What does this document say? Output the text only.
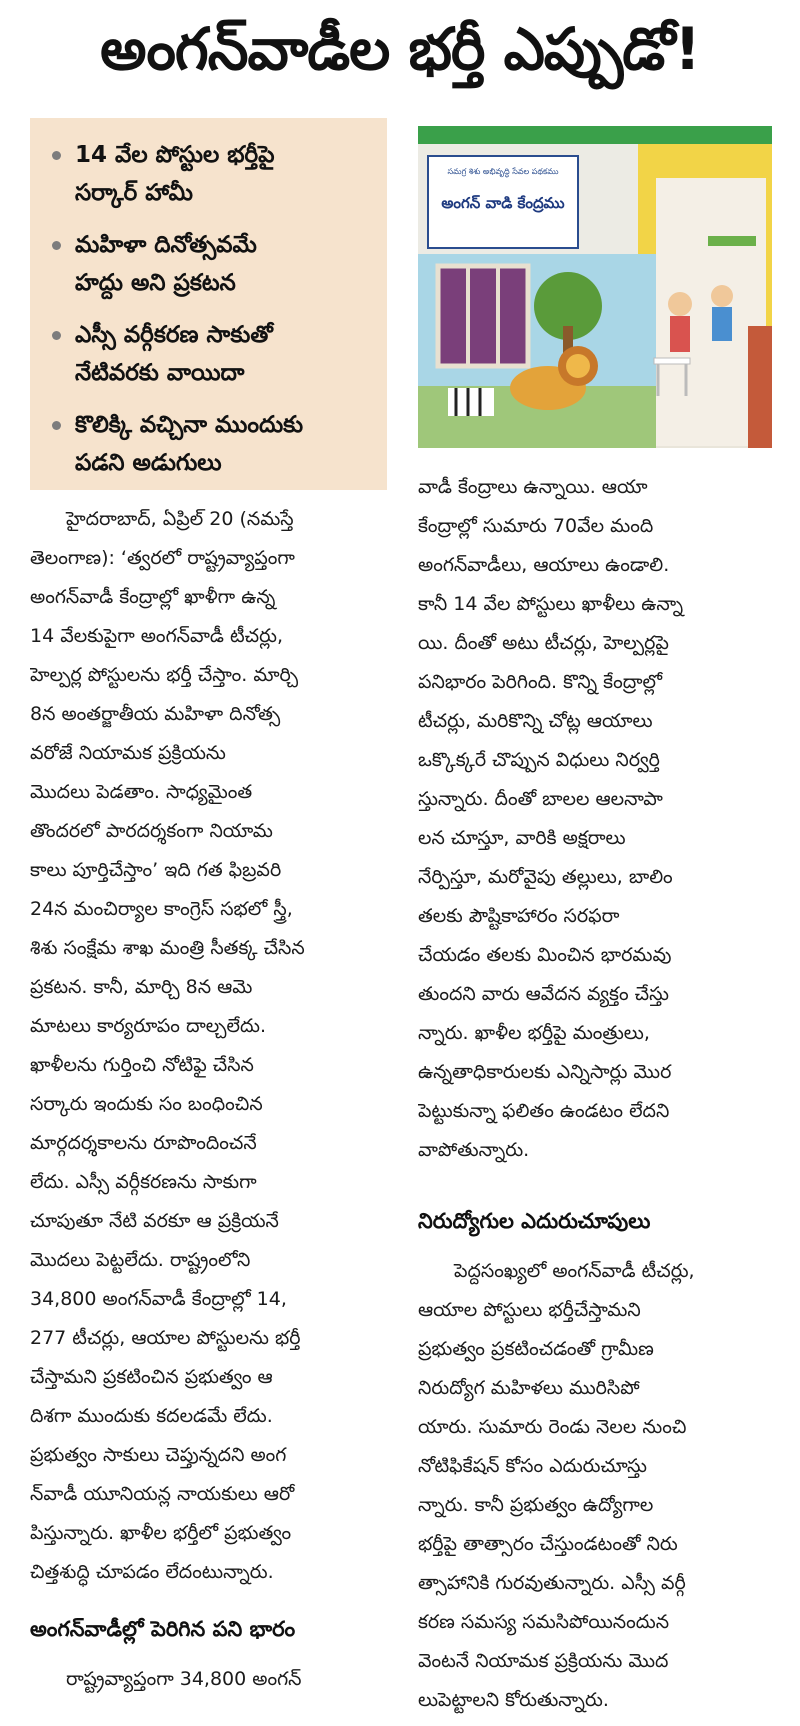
అంగన్‌వాడీల భర్తీ ఎప్పుడో!
14 వేల పోస్టుల భర్తీపై
సర్కార్ హామీ
మహిళా దినోత్సవమే
హద్దు అని ప్రకటన
ఎస్సీ వర్గీకరణ సాకుతో
నేటివరకు వాయిదా
కొలిక్కి వచ్చినా ముందుకు
పడని అడుగులు
సమగ్ర శిశు అభివృద్ధి సేవల పథకము
అంగన్ వాడి కేంద్రము
హైదరాబాద్, ఏప్రిల్ 20 (నమస్తే
తెలంగాణ): ‘త్వరలో రాష్ట్రవ్యాప్తంగా
అంగన్‌వాడీ కేంద్రాల్లో ఖాళీగా ఉన్న
14 వేలకుపైగా అంగన్‌వాడీ టీచర్లు,
హెల్పర్ల పోస్టులను భర్తీ చేస్తాం. మార్చి
8న అంతర్జాతీయ మహిళా దినోత్స
వరోజే నియామక ప్రక్రియను
మొదలు పెడతాం. సాధ్యమైంత
తొందరలో పారదర్శకంగా నియామ
కాలు పూర్తిచేస్తాం’ ఇది గత ఫిబ్రవరి
24న మంచిర్యాల కాంగ్రెస్ సభలో స్త్రీ,
శిశు సంక్షేమ శాఖ మంత్రి సీతక్క చేసిన
ప్రకటన. కానీ, మార్చి 8న ఆమె
మాటలు కార్యరూపం దాల్చలేదు.
ఖాళీలను గుర్తించి నోటిఫై చేసిన
సర్కారు ఇందుకు సం బంధించిన
మార్గదర్శకాలను రూపొందించనే
లేదు. ఎస్సీ వర్గీకరణను సాకుగా
చూపుతూ నేటి వరకూ ఆ ప్రక్రియనే
మొదలు పెట్టలేదు. రాష్ట్రంలోని
34,800 అంగన్‌వాడీ కేంద్రాల్లో 14,
277 టీచర్లు, ఆయాల పోస్టులను భర్తీ
చేస్తామని ప్రకటించిన ప్రభుత్వం ఆ
దిశగా ముందుకు కదలడమే లేదు.
ప్రభుత్వం సాకులు చెప్తున్నదని అంగ
న్‌వాడీ యూనియన్ల నాయకులు ఆరో
పిస్తున్నారు. ఖాళీల భర్తీలో ప్రభుత్వం
చిత్తశుద్ధి చూపడం లేదంటున్నారు.
అంగన్‌వాడీల్లో పెరిగిన పని భారం
రాష్ట్రవ్యాప్తంగా 34,800 అంగన్
వాడీ కేంద్రాలు ఉన్నాయి. ఆయా
కేంద్రాల్లో సుమారు 70వేల మంది
అంగన్‌వాడీలు, ఆయాలు ఉండాలి.
కానీ 14 వేల పోస్టులు ఖాళీలు ఉన్నా
యి. దీంతో అటు టీచర్లు, హెల్పర్లపై
పనిభారం పెరిగింది. కొన్ని కేంద్రాల్లో
టీచర్లు, మరికొన్ని చోట్ల ఆయాలు
ఒక్కొక్కరే చొప్పున విధులు నిర్వర్తి
స్తున్నారు. దీంతో బాలల ఆలనాపా
లన చూస్తూ, వారికి అక్షరాలు
నేర్పిస్తూ, మరోవైపు తల్లులు, బాలిం
తలకు పౌష్టికాహారం సరఫరా
చేయడం తలకు మించిన భారమవు
తుందని వారు ఆవేదన వ్యక్తం చేస్తు
న్నారు. ఖాళీల భర్తీపై మంత్రులు,
ఉన్నతాధికారులకు ఎన్నిసార్లు మొర
పెట్టుకున్నా ఫలితం ఉండటం లేదని
వాపోతున్నారు.
నిరుద్యోగుల ఎదురుచూపులు
పెద్దసంఖ్యలో అంగన్‌వాడీ టీచర్లు,
ఆయాల పోస్టులు భర్తీచేస్తామని
ప్రభుత్వం ప్రకటించడంతో గ్రామీణ
నిరుద్యోగ మహిళలు మురిసిపో
యారు. సుమారు రెండు నెలల నుంచి
నోటిఫికేషన్ కోసం ఎదురుచూస్తు
న్నారు. కానీ ప్రభుత్వం ఉద్యోగాల
భర్తీపై తాత్సారం చేస్తుండటంతో నిరు
త్సాహానికి గురవుతున్నారు. ఎస్సీ వర్గీ
కరణ సమస్య సమసిపోయినందున
వెంటనే నియామక ప్రక్రియను మొద
లుపెట్టాలని కోరుతున్నారు.
